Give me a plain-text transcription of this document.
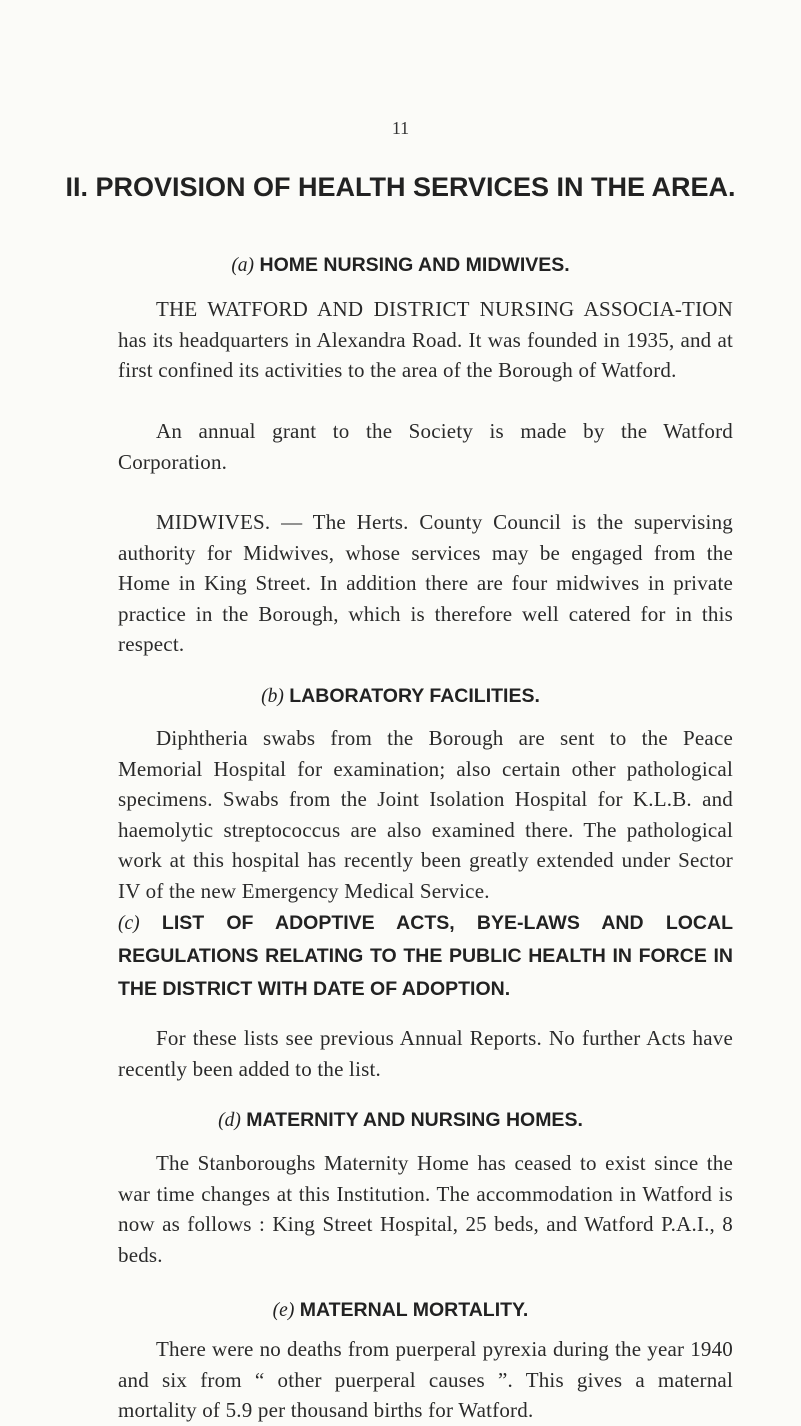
11
II. PROVISION OF HEALTH SERVICES IN THE AREA.
(a) HOME NURSING AND MIDWIVES.
THE WATFORD AND DISTRICT NURSING ASSOCIA-TION has its headquarters in Alexandra Road. It was founded in 1935, and at first confined its activities to the area of the Borough of Watford.
An annual grant to the Society is made by the Watford Corporation.
MIDWIVES. — The Herts. County Council is the supervising authority for Midwives, whose services may be engaged from the Home in King Street. In addition there are four midwives in private practice in the Borough, which is therefore well catered for in this respect.
(b) LABORATORY FACILITIES.
Diphtheria swabs from the Borough are sent to the Peace Memorial Hospital for examination; also certain other pathological specimens. Swabs from the Joint Isolation Hospital for K.L.B. and haemolytic streptococcus are also examined there. The pathological work at this hospital has recently been greatly extended under Sector IV of the new Emergency Medical Service.
(c) LIST OF ADOPTIVE ACTS, BYE-LAWS AND LOCAL REGULATIONS RELATING TO THE PUBLIC HEALTH IN FORCE IN THE DISTRICT WITH DATE OF ADOPTION.
For these lists see previous Annual Reports. No further Acts have recently been added to the list.
(d) MATERNITY AND NURSING HOMES.
The Stanboroughs Maternity Home has ceased to exist since the war time changes at this Institution. The accommodation in Watford is now as follows : King Street Hospital, 25 beds, and Watford P.A.I., 8 beds.
(e) MATERNAL MORTALITY.
There were no deaths from puerperal pyrexia during the year 1940 and six from “ other puerperal causes ”. This gives a maternal mortality of 5.9 per thousand births for Watford.
